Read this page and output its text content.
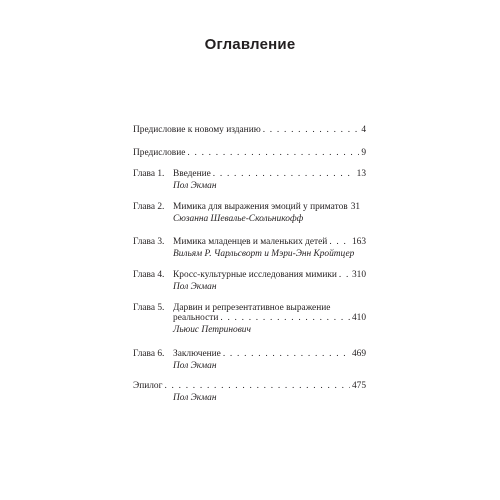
Оглавление
Предисловие к новому изданию . . .	4
Предисловие . . .	9
Глава 1. Введение . . .	13
Пол Экман
Глава 2. Мимика для выражения эмоций у приматов 31
Сюзанна Шевалье-Скольникофф
Глава 3. Мимика младенцев и маленьких детей . . .	163
Вильям Р. Чарльсворт и Мэри-Энн Кройтцер
Глава 4. Кросс-культурные исследования мимики . . . 310
Пол Экман
Глава 5. Дарвин и репрезентативное выражение
реальности . . .	410
Льюис Петринович
Глава 6. Заключение . . .	469
Пол Экман
Эпилог . . .	475
Пол Экман
